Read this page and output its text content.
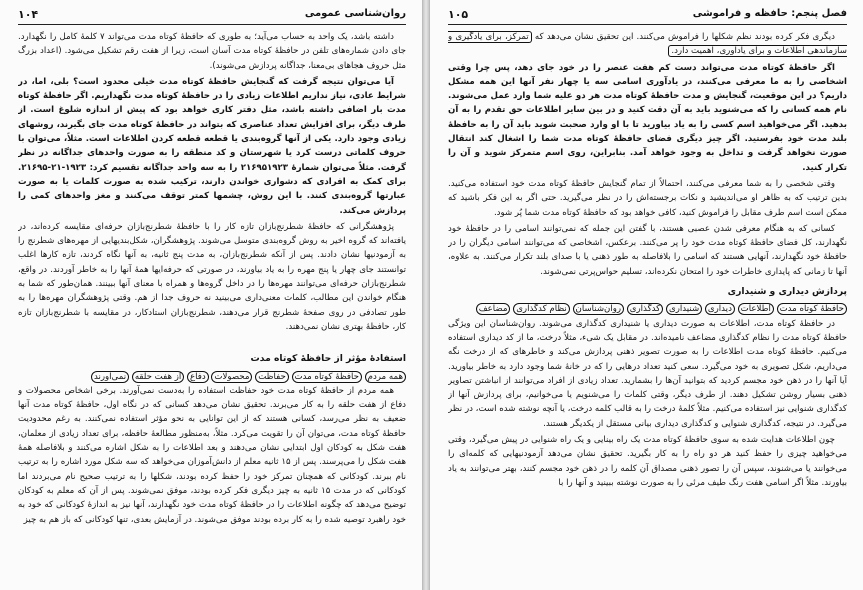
۱۰۴	روان‌شناسی عمومی

داشته باشد، یک واحد به حساب می‌آید؛ به طوری که حافظهٔ کوتاه مدت می‌تواند ۷ کلمهٔ کامل را نگهدارد. جای دادن شماره‌های تلفن در حافظهٔ کوتاه مدت آسان است، زیرا از هفت رقم تشکیل می‌شود. (اعداد بزرگ مثل حروف هجاهای بی‌معنا، جداگانه پردازش می‌شوند).

آیا می‌توان نتیجه گرفت که گنجایش حافظهٔ کوتاه مدت خیلی محدود است؟ بلی، اما، در شرایط عادی، نیاز نداریم اطلاعات زیادی را در حافظهٔ کوتاه مدت نگهداریم. اگر حافظهٔ کوتاه مدت بار اضافی داشته باشد، مثل دفتر کاری خواهد بود که پیش از اندازه شلوغ است. از طرف دیگر، برای افزایش تعداد عناصری که بتواند در حافظهٔ کوتاه مدت جای بگیرند، روشهای زیادی وجود دارد. یکی از آنها گروه‌بندی یا قطعه قطعه کردن اطلاعات است. مثلاً، می‌توان با حروف کلماتی درست کرد یا شهرستان و کد منطقه را به صورت واحدهای جداگانه در نظر گرفت. مثلاً می‌توان شمارهٔ ۲۱۶۹۵۱۹۲۳ را به سه واحد جداگانه تقسیم کرد: ۱۹۲۳-۲۱-۲۱۶۹۵. برای کمک به افرادی که دشواری خواندن دارند، ترکیب شده به صورت کلمات یا به صورت عبارتها گروه‌بندی کنند. با این روش، چشمها کمتر توقف می‌کنند و مغز واحدهای کمی را پردازش می‌کند.

پژوهشگرانی که حافظهٔ شطرنج‌بازان تازه کار را با حافظهٔ شطرنج‌بازان حرفه‌ای مقایسه کرده‌اند، در یافته‌اند که گروه اخیر به روش گروه‌بندی متوسل می‌شوند. پژوهشگران، شکل‌بندیهایی از مهره‌های شطرنج را به آزمودنیها نشان دادند. پس از آنکه شطرنج‌بازان، به مدت پنج ثانیه، به آنها نگاه کردند، تازه کارها اغلب توانستند جای چهار یا پنج مهره را به یاد بیاورند، در صورتی که حرفه‌ایها همهٔ آنها را به خاطر آوردند. در واقع، شطرنج‌بازان حرفه‌ای می‌توانند مهره‌ها را در داخل گروه‌ها و همراه با معنای آنها ببینند. همان‌طور که شما به هنگام خواندن این مطالب، کلمات معنی‌داری می‌بینید نه حروف جدا از هم. وقتی پژوهشگران مهره‌ها را به طور تصادفی در روی صفحهٔ شطرنج قرار می‌دهند، شطرنج‌بازان استادکار، در مقایسه با شطرنج‌بازان تازه کار، حافظهٔ بهتری نشان نمی‌دهند.

استفادهٔ مؤثر از حافظهٔ کوتاه مدت
همه مردم حافظهٔ کوتاه مدت حفاظت محصولات دفاع از هفت حلقه نمی‌آورند

همه مردم از حافظهٔ کوتاه مدت خود حفاظت استفاده را به‌دست نمی‌آورند. برخی اشخاص محصولات و دفاع از هفت حلقه را به کار می‌برند. تحقیق نشان می‌دهد کسانی که در نگاه اول، حافظهٔ کوتاه مدت آنها ضعیف به نظر می‌رسد، کسانی هستند که از این توانایی به نحو مؤثر استفاده نمی‌کنند. به رغم محدودیت حافظهٔ کوتاه مدت، می‌توان آن را تقویت می‌کرد. مثلاً، به‌منظور مطالعهٔ حافظه، برای تعداد زیادی از معلمان، هفت شکل به کودکان اول ابتدایی نشان می‌دهند و بعد اطلاعات را به شکل اشاره می‌کنند و بلافاصله همهٔ هفت شکل را می‌پرسند. پس از ۱۵ ثانیه معلم از دانش‌آموزان می‌خواهد که سه شکل مورد اشاره را به ترتیب نام ببرند. کودکانی که همچنان تمرکز خود را حفظ کرده بودند، شکلها را به ترتیب صحیح نام می‌بردند اما کودکانی که در مدت ۱۵ ثانیه به چیز دیگری فکر کرده بودند، موفق نمی‌شوند. پس از آن که معلم به کودکان توضیح می‌دهد که چگونه اطلاعات را در حافظهٔ کوتاه مدت خود نگهدارند، آنها نیز به اندازهٔ کودکانی که خود به خود راهبرد توصیه شده را به کار برده بودند موفق می‌شوند. در آزمایش بعدی، تنها کودکانی که باز هم به چیز

۱۰۵	فصل پنجم: حافظه و فراموشی

دیگری فکر کرده بودند نظم شکلها را فراموش می‌کنند. این تحقیق نشان می‌دهد که تمرکز، برای یادگیری و سازماندهی اطلاعات و برای یادآوری، اهمیت دارد.

اگر حافظهٔ کوتاه مدت می‌تواند دست کم هفت عنصر را در خود جای دهد، پس چرا وقتی اشخاصی را به ما معرفی می‌کنند، در یادآوری اسامی سه یا چهار نفر آنها این همه مشکل داریم؟ در این موقعیت، گنجایش و مدت حافظهٔ کوتاه مدت هر دو علیه شما وارد عمل می‌شوند. نام همه کسانی را که می‌شنوید باید به آن دقت کنید و در بین سایر اطلاعات حق تقدم را به آن بدهید. اگر می‌خواهید اسم کسی را به یاد بیاورید تا با او وارد صحبت شوید باید آن را به حافظهٔ بلند مدت خود بفرستید. اگر چیز دیگری فضای حافظهٔ کوتاه مدت شما را اشغال کند انتقال صورت نخواهد گرفت و تداخل به وجود خواهد آمد. بنابراین، روی اسم متمرکز شوید و آن را تکرار کنید.

وقتی شخصی را به شما معرفی می‌کنند، احتمالاً از تمام گنجایش حافظهٔ کوتاه مدت خود استفاده می‌کنید. بدین ترتیب که به ظاهر او می‌اندیشید و نکات برجسته‌اش را در نظر می‌گیرید. حتی اگر به این فکر باشید که ممکن است اسم طرف مقابل را فراموش کنید، کافی خواهد بود که حافظهٔ کوتاه مدت شما پُر شود.

کسانی که به هنگام معرفی شدن عصبی هستند، با گفتن این جمله که نمی‌توانند اسامی را در حافظهٔ خود نگهدارند، کل فضای حافظهٔ کوتاه مدت خود را پر می‌کنند. برعکس، اشخاصی که می‌توانند اسامی دیگران را در حافظهٔ خود نگهدارند، آنهایی هستند که اسامی را بلافاصله به طور ذهنی یا با صدای بلند تکرار می‌کنند. به علاوه، آنها تا زمانی که پایداری خاطرات خود را امتحان نکرده‌اند، تسلیم حواس‌پرتی نمی‌شوند.

پردازش دیداری و شنیداری
حافظهٔ کوتاه مدت اطلاعات دیداری شنیداری کدگذاری روان‌شناسان نظام کدگذاری مضاعف

در حافظهٔ کوتاه مدت، اطلاعات به صورت دیداری یا شنیداری کدگذاری می‌شوند. روان‌شناسان این ویژگی حافظهٔ کوتاه مدت را نظام کدگذاری مضاعف نامیده‌اند. در مقابل یک شیء، مثلاً درخت، ما از کد دیداری استفاده می‌کنیم. حافظهٔ کوتاه مدت اطلاعات را به صورت تصویر ذهنی پردازش می‌کند و خاطرهای که از درخت نگه می‌داریم، شکل تصویری به خود می‌گیرد. سعی کنید تعداد درهایی را که در خانهٔ شما وجود دارد به خاطر بیاورید. آیا آنها را در ذهن خود مجسم کردید که بتوانید آن‌ها را بشمارید. تعداد زیادی از افراد می‌توانند از انباشتن تصاویر ذهنی بسیار روشن تشکیل دهند. از طرف دیگر، وقتی کلمات را می‌شنویم یا می‌خوانیم، برای پردازش آنها از کدگذاری شنوایی نیز استفاده می‌کنیم. مثلاً کلمهٔ درخت را به قالب کلمه درخت، یا آنچه نوشته شده است، در نظر می‌گیرد. در نتیجه، کدگذاری شنوایی و کدگذاری دیداری بیانی مستقل از یکدیگر هستند.

چون اطلاعات هدایت شده به سوی حافظهٔ کوتاه مدت یک راه بینایی و یک راه شنوایی در پیش می‌گیرد، وقتی می‌خواهید چیزی را حفظ کنید هر دو راه را به کار بگیرید. تحقیق نشان می‌دهد آزمودنیهایی که کلمه‌ای را می‌خوانند یا می‌شنوند، سپس آن را تصور ذهنی مصداق آن کلمه را در ذهن خود مجسم کنند، بهتر می‌توانند به یاد بیاورند. مثلاً اگر اسامی هفت رنگ طیف مرئی را به صورت نوشته ببینید و آنها را با
